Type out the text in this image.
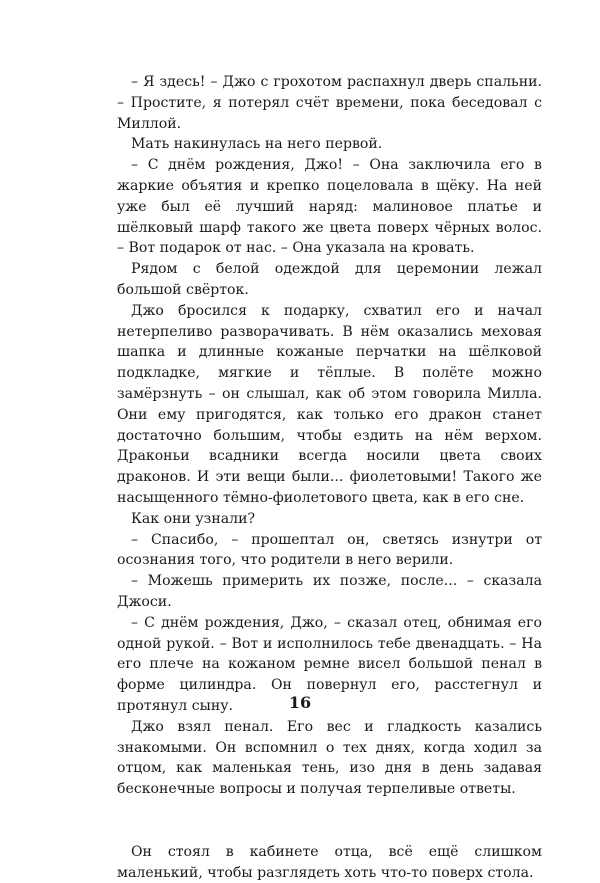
– Я здесь! – Джо с грохотом распахнул дверь спальни. – Простите, я потерял счёт времени, пока беседовал с Миллой.

Мать накинулась на него первой.

– С днём рождения, Джо! – Она заключила его в жаркие объятия и крепко поцеловала в щёку. На ней уже был её лучший наряд: малиновое платье и шёлковый шарф такого же цвета поверх чёрных волос. – Вот подарок от нас. – Она указала на кровать.

Рядом с белой одеждой для церемонии лежал большой свёрток.

Джо бросился к подарку, схватил его и начал нетерпеливо разворачивать. В нём оказались меховая шапка и длинные кожаные перчатки на шёлковой подкладке, мягкие и тёплые. В полёте можно замёрзнуть – он слышал, как об этом говорила Милла. Они ему пригодятся, как только его дракон станет достаточно большим, чтобы ездить на нём верхом. Драконьи всадники всегда носили цвета своих драконов. И эти вещи были... фиолетовыми! Такого же насыщенного тёмно-фиолетового цвета, как в его сне.

Как они узнали?

– Спасибо, – прошептал он, светясь изнутри от осознания того, что родители в него верили.

– Можешь примерить их позже, после... – сказала Джоси.

– С днём рождения, Джо, – сказал отец, обнимая его одной рукой. – Вот и исполнилось тебе двенадцать. – На его плече на кожаном ремне висел большой пенал в форме цилиндра. Он повернул его, расстегнул и протянул сыну.

Джо взял пенал. Его вес и гладкость казались знакомыми. Он вспомнил о тех днях, когда ходил за отцом, как маленькая тень, изо дня в день задавая бесконечные вопросы и получая терпеливые ответы.

Он стоял в кабинете отца, всё ещё слишком маленький, чтобы разглядеть хоть что-то поверх стола.

16
